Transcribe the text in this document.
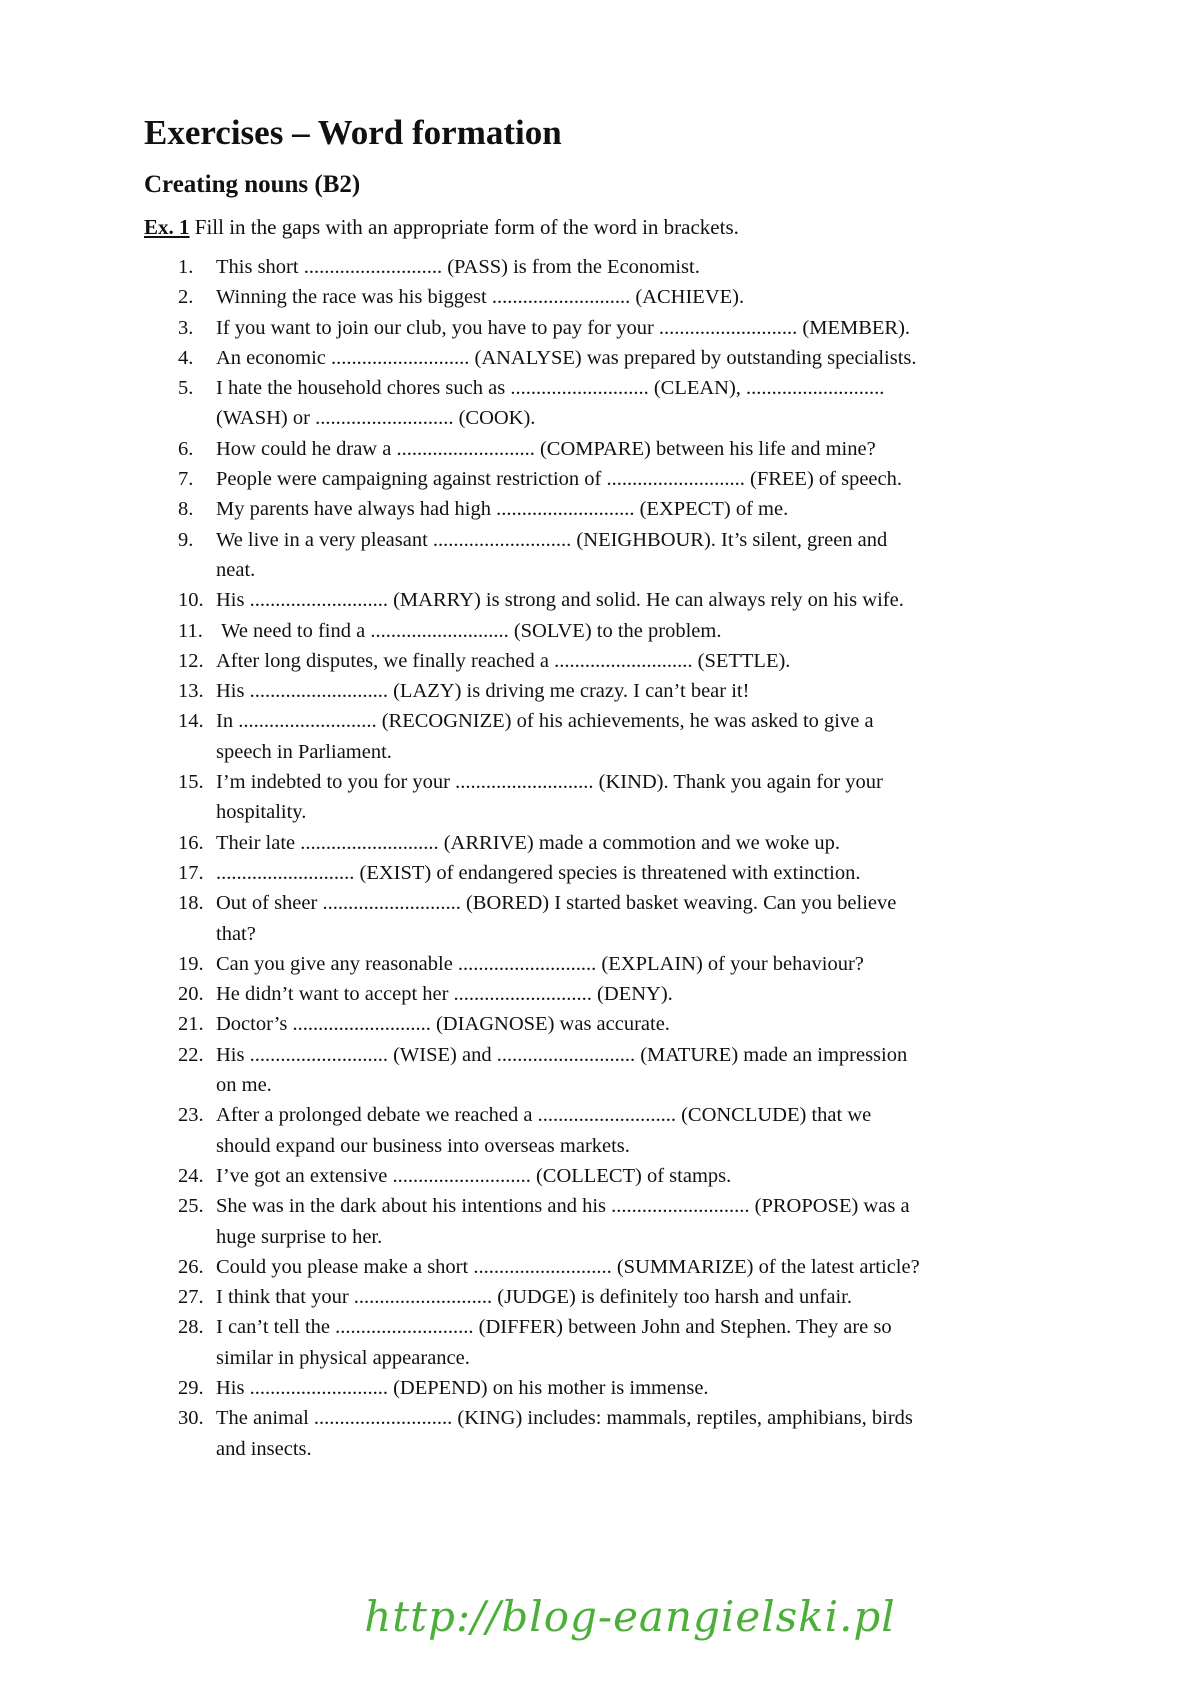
Exercises – Word formation
Creating nouns (B2)

Ex. 1 Fill in the gaps with an appropriate form of the word in brackets.

1.	This short ........................... (PASS) is from the Economist.
2.	Winning the race was his biggest ........................... (ACHIEVE).
3.	If you want to join our club, you have to pay for your ........................... (MEMBER).
4.	An economic ........................... (ANALYSE) was prepared by outstanding specialists.
5.	I hate the household chores such as ........................... (CLEAN), ...........................
(WASH) or ........................... (COOK).
6.	How could he draw a ........................... (COMPARE) between his life and mine?
7.	People were campaigning against restriction of ........................... (FREE) of speech.
8.	My parents have always had high ........................... (EXPECT) of me.
9.	We live in a very pleasant ........................... (NEIGHBOUR). It’s silent, green and
neat.
10. His ........................... (MARRY) is strong and solid. He can always rely on his wife.
11. We need to find a ........................... (SOLVE) to the problem.
12. After long disputes, we finally reached a ........................... (SETTLE).
13. His ........................... (LAZY) is driving me crazy. I can’t bear it!
14. In ........................... (RECOGNIZE) of his achievements, he was asked to give a
speech in Parliament.
15. I’m indebted to you for your ........................... (KIND). Thank you again for your
hospitality.
16. Their late ........................... (ARRIVE) made a commotion and we woke up.
17. ........................... (EXIST) of endangered species is threatened with extinction.
18. Out of sheer ........................... (BORED) I started basket weaving. Can you believe
that?
19. Can you give any reasonable ........................... (EXPLAIN) of your behaviour?
20. He didn’t want to accept her ........................... (DENY).
21. Doctor’s ........................... (DIAGNOSE) was accurate.
22. His ........................... (WISE) and ........................... (MATURE) made an impression
on me.
23. After a prolonged debate we reached a ........................... (CONCLUDE) that we
should expand our business into overseas markets.
24. I’ve got an extensive ........................... (COLLECT) of stamps.
25. She was in the dark about his intentions and his ........................... (PROPOSE) was a
huge surprise to her.
26. Could you please make a short ........................... (SUMMARIZE) of the latest article?
27. I think that your ........................... (JUDGE) is definitely too harsh and unfair.
28. I can’t tell the ........................... (DIFFER) between John and Stephen. They are so
similar in physical appearance.
29. His ........................... (DEPEND) on his mother is immense.
30. The animal ........................... (KING) includes: mammals, reptiles, amphibians, birds
and insects.

http://blog-eangielski.pl
